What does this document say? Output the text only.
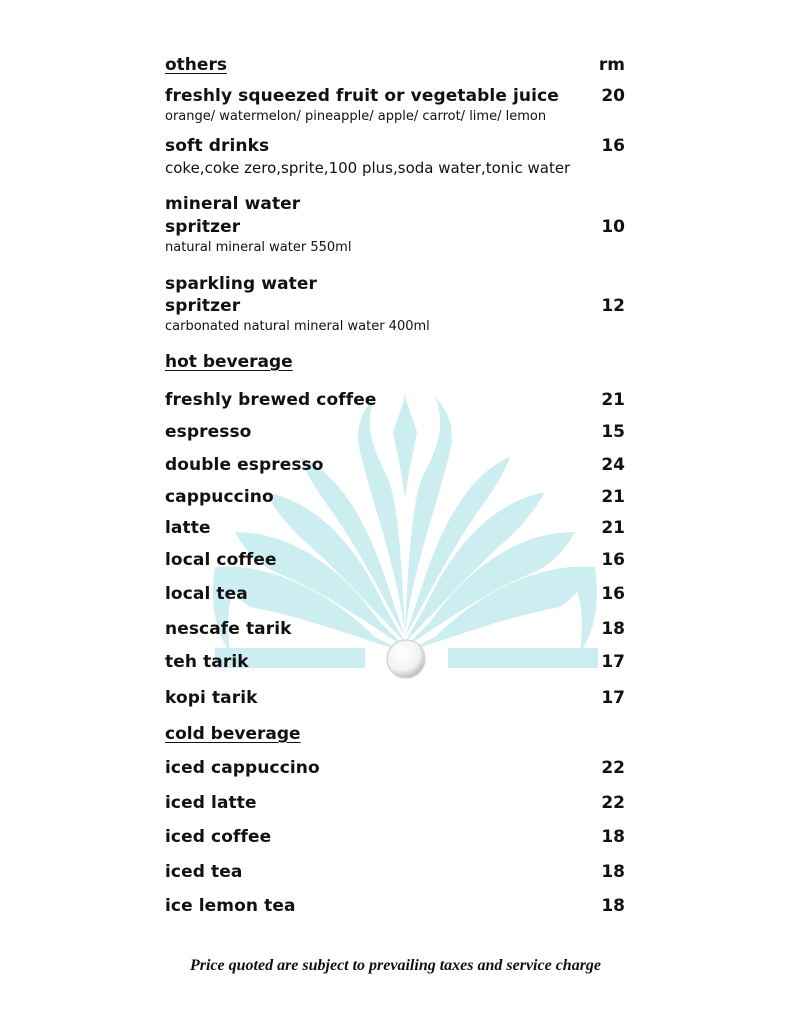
others	rm
freshly squeezed fruit or vegetable juice	20
orange/ watermelon/ pineapple/ apple/ carrot/ lime/ lemon
soft drinks	16
coke,coke zero,sprite,100 plus,soda water,tonic water
mineral water
spritzer	10
natural mineral water 550ml
sparkling water
spritzer	12
carbonated natural mineral water 400ml
hot beverage
freshly brewed coffee	21
espresso	15
double espresso	24
cappuccino	21
latte	21
local coffee	16
local tea	16
nescafe tarik	18
teh tarik	17
kopi tarik	17
cold beverage
iced cappuccino	22
iced latte	22
iced coffee	18
iced tea	18
ice lemon tea	18
Price quoted are subject to prevailing taxes and service charge
